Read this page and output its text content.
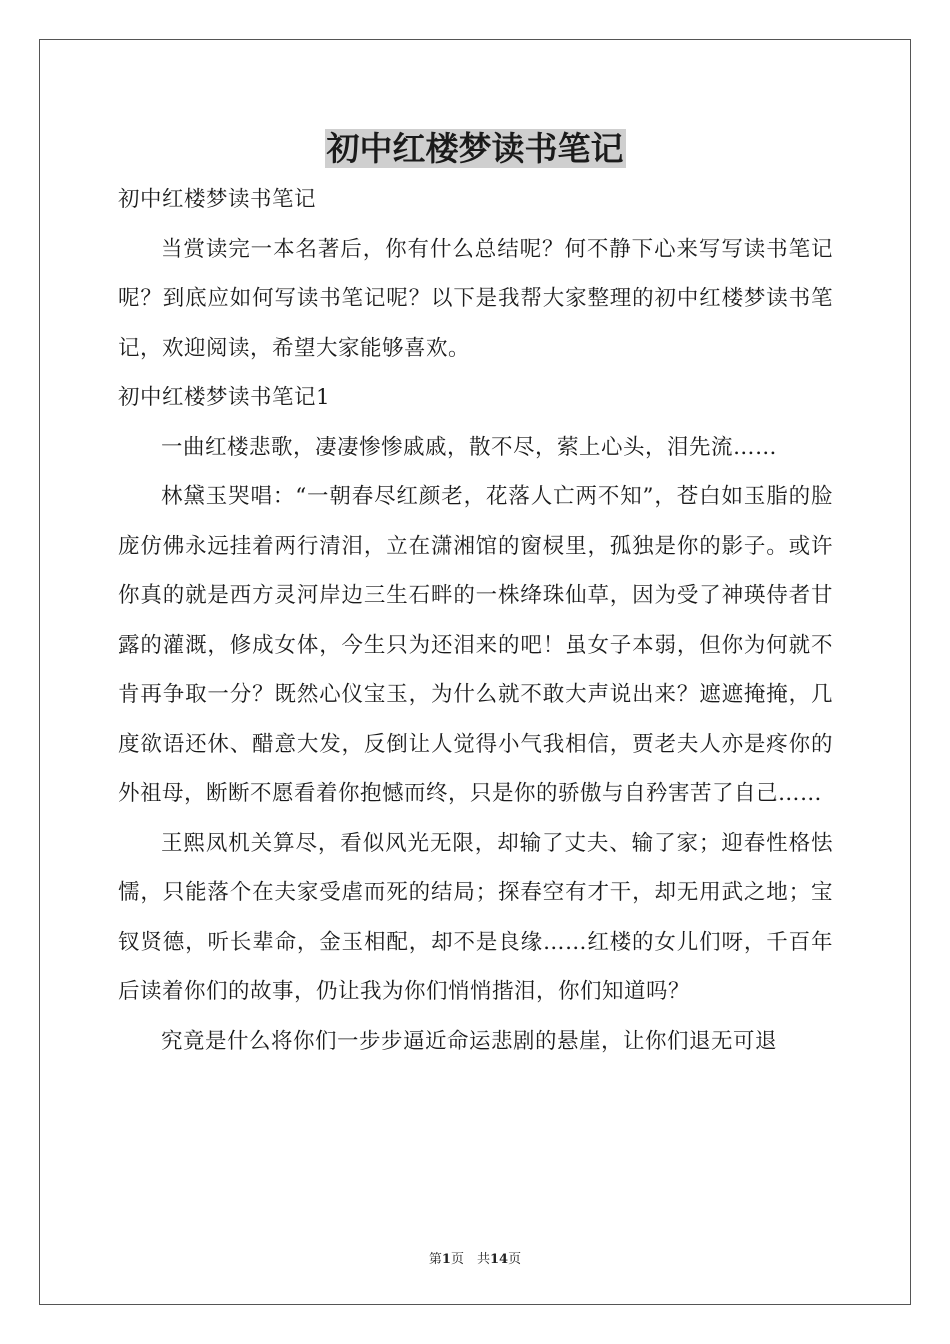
初中红楼梦读书笔记

初中红楼梦读书笔记

当赏读完一本名著后，你有什么总结呢？何不静下心来写写读书笔记呢？到底应如何写读书笔记呢？以下是我帮大家整理的初中红楼梦读书笔记，欢迎阅读，希望大家能够喜欢。

初中红楼梦读书笔记1

一曲红楼悲歌，凄凄惨惨戚戚，散不尽，萦上心头，泪先流……

林黛玉哭唱：“一朝春尽红颜老，花落人亡两不知”，苍白如玉脂的脸庞仿佛永远挂着两行清泪，立在潇湘馆的窗棂里，孤独是你的影子。或许你真的就是西方灵河岸边三生石畔的一株绛珠仙草，因为受了神瑛侍者甘露的灌溉，修成女体，今生只为还泪来的吧！虽女子本弱，但你为何就不肯再争取一分？既然心仪宝玉，为什么就不敢大声说出来？遮遮掩掩，几度欲语还休、醋意大发，反倒让人觉得小气我相信，贾老夫人亦是疼你的外祖母，断断不愿看着你抱憾而终，只是你的骄傲与自矜害苦了自己……

王熙凤机关算尽，看似风光无限，却输了丈夫、输了家；迎春性格怯懦，只能落个在夫家受虐而死的结局；探春空有才干，却无用武之地；宝钗贤德，听长辈命，金玉相配，却不是良缘……红楼的女儿们呀，千百年后读着你们的故事，仍让我为你们悄悄揩泪，你们知道吗？

究竟是什么将你们一步步逼近命运悲剧的悬崖，让你们退无可退

第1页　共14页
